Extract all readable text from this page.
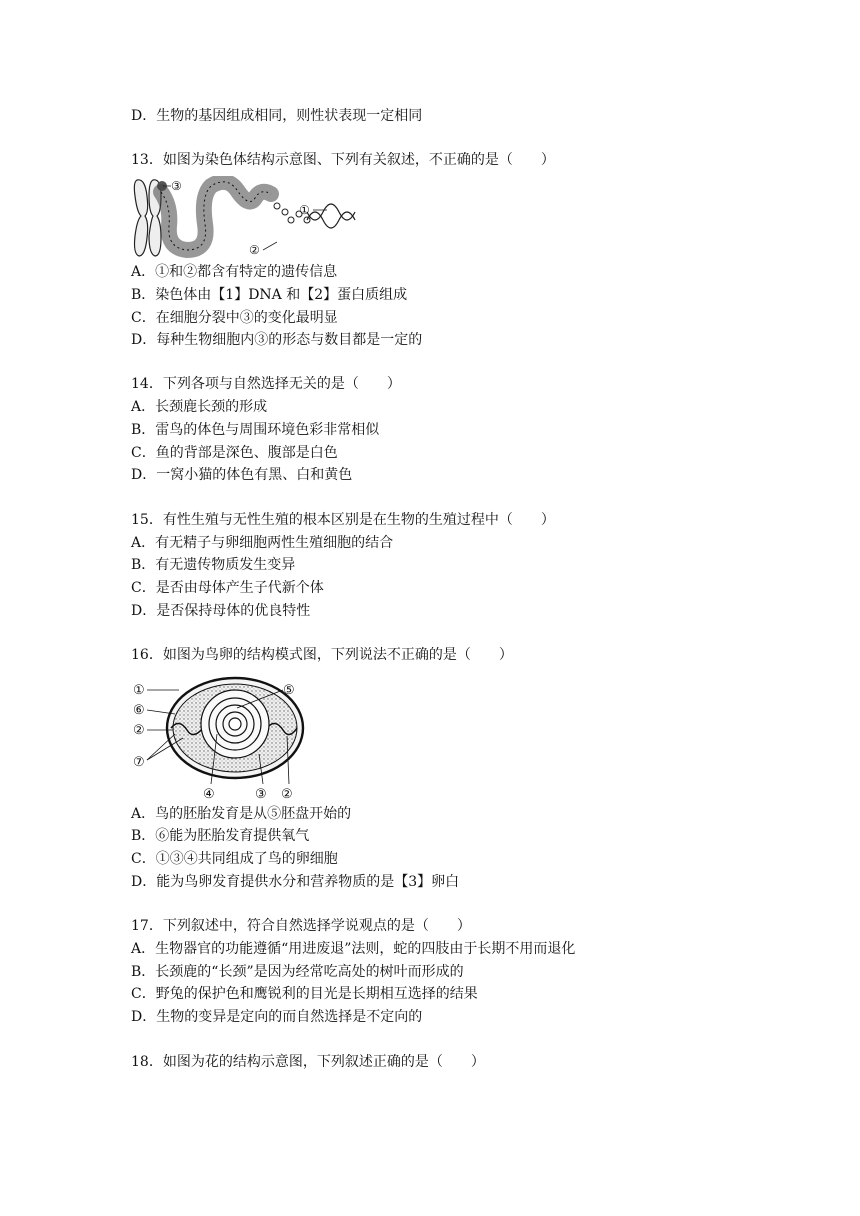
D．生物的基因组成相同，则性状表现一定相同
13．如图为染色体结构示意图、下列有关叙述，不正确的是（　　）
③
①
②
A．①和②都含有特定的遗传信息
B．染色体由【1】DNA 和【2】蛋白质组成
C．在细胞分裂中③的变化最明显
D．每种生物细胞内③的形态与数目都是一定的
14．下列各项与自然选择无关的是（　　）
A．长颈鹿长颈的形成
B．雷鸟的体色与周围环境色彩非常相似
C．鱼的背部是深色、腹部是白色
D．一窝小猫的体色有黑、白和黄色
15．有性生殖与无性生殖的根本区别是在生物的生殖过程中（　　）
A．有无精子与卵细胞两性生殖细胞的结合
B．有无遗传物质发生变异
C．是否由母体产生子代新个体
D．是否保持母体的优良特性
16．如图为鸟卵的结构模式图，下列说法不正确的是（　　）
①
⑥
②
⑦
⑤
④	③ ②
A．鸟的胚胎发育是从⑤胚盘开始的
B．⑥能为胚胎发育提供氧气
C．①③④共同组成了鸟的卵细胞
D．能为鸟卵发育提供水分和营养物质的是【3】卵白
17．下列叙述中，符合自然选择学说观点的是（　　）
A．生物器官的功能遵循“用进废退”法则，蛇的四肢由于长期不用而退化
B．长颈鹿的“长颈”是因为经常吃高处的树叶而形成的
C．野兔的保护色和鹰锐利的目光是长期相互选择的结果
D．生物的变异是定向的而自然选择是不定向的
18．如图为花的结构示意图，下列叙述正确的是（　　）
